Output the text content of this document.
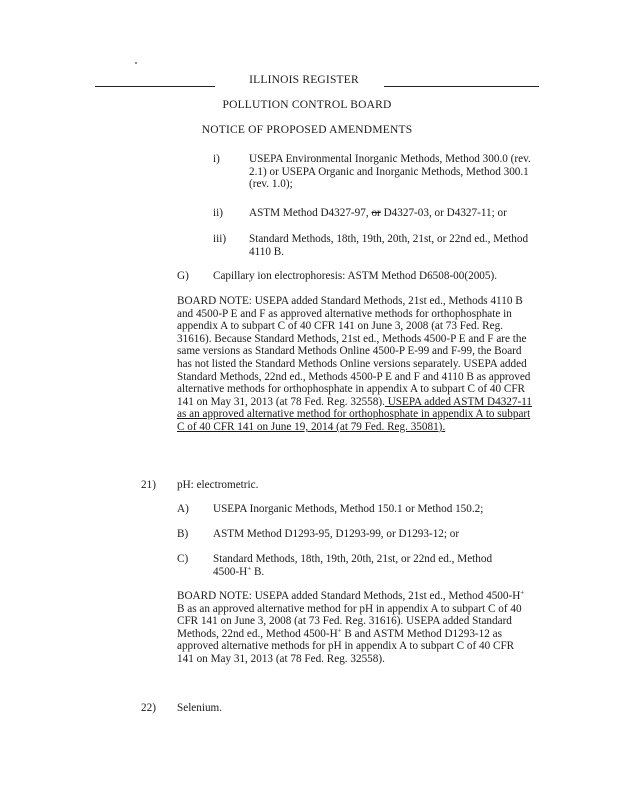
ILLINOIS REGISTER
POLLUTION CONTROL BOARD
NOTICE OF PROPOSED AMENDMENTS
i)	USEPA Environmental Inorganic Methods, Method 300.0 (rev. 2.1) or USEPA Organic and Inorganic Methods, Method 300.1 (rev. 1.0);

ii) ASTM Method D4327-97, or D4327-03, or D4327-11; or

iii) Standard Methods, 18th, 19th, 20th, 21st, or 22nd ed., Method 4110 B.

G) Capillary ion electrophoresis: ASTM Method D6508-00(2005).

BOARD NOTE: USEPA added Standard Methods, 21st ed., Methods 4110 B and 4500-P E and F as approved alternative methods for orthophosphate in appendix A to subpart C of 40 CFR 141 on June 3, 2008 (at 73 Fed. Reg. 31616). Because Standard Methods, 21st ed., Methods 4500-P E and F are the same versions as Standard Methods Online 4500-P E-99 and F-99, the Board has not listed the Standard Methods Online versions separately. USEPA added Standard Methods, 22nd ed., Methods 4500-P E and F and 4110 B as approved alternative methods for orthophosphate in appendix A to subpart C of 40 CFR 141 on May 31, 2013 (at 78 Fed. Reg. 32558). USEPA added ASTM D4327-11 as an approved alternative method for orthophosphate in appendix A to subpart C of 40 CFR 141 on June 19, 2014 (at 79 Fed. Reg. 35081).

21) pH: electrometric.

A) USEPA Inorganic Methods, Method 150.1 or Method 150.2;

B) ASTM Method D1293-95, D1293-99, or D1293-12; or

C) Standard Methods, 18th, 19th, 20th, 21st, or 22nd ed., Method 4500-H+ B.

BOARD NOTE: USEPA added Standard Methods, 21st ed., Method 4500-H+ B as an approved alternative method for pH in appendix A to subpart C of 40 CFR 141 on June 3, 2008 (at 73 Fed. Reg. 31616). USEPA added Standard Methods, 22nd ed., Method 4500-H+ B and ASTM Method D1293-12 as approved alternative methods for pH in appendix A to subpart C of 40 CFR 141 on May 31, 2013 (at 78 Fed. Reg. 32558).

22) Selenium.
